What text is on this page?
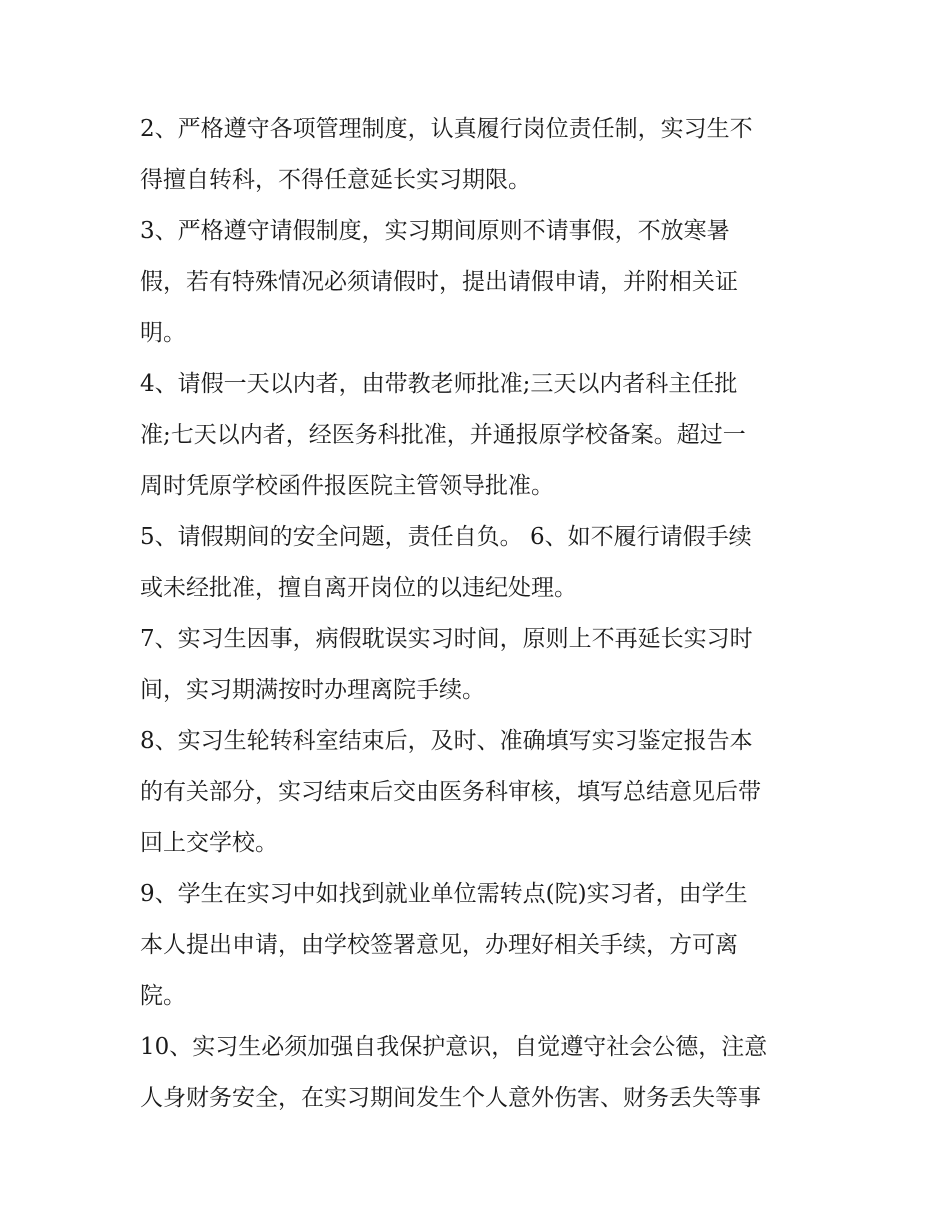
2、严格遵守各项管理制度，认真履行岗位责任制，实习生不
得擅自转科，不得任意延长实习期限。
3、严格遵守请假制度，实习期间原则不请事假，不放寒暑
假，若有特殊情况必须请假时，提出请假申请，并附相关证
明。
4、请假一天以内者，由带教老师批准;三天以内者科主任批
准;七天以内者，经医务科批准，并通报原学校备案。超过一
周时凭原学校函件报医院主管领导批准。
5、请假期间的安全问题，责任自负。 6、如不履行请假手续
或未经批准，擅自离开岗位的以违纪处理。
7、实习生因事，病假耽误实习时间，原则上不再延长实习时
间，实习期满按时办理离院手续。
8、实习生轮转科室结束后，及时、准确填写实习鉴定报告本
的有关部分，实习结束后交由医务科审核，填写总结意见后带
回上交学校。
9、学生在实习中如找到就业单位需转点(院)实习者，由学生
本人提出申请，由学校签署意见，办理好相关手续，方可离
院。
10、实习生必须加强自我保护意识，自觉遵守社会公德，注意
人身财务安全，在实习期间发生个人意外伤害、财务丢失等事
